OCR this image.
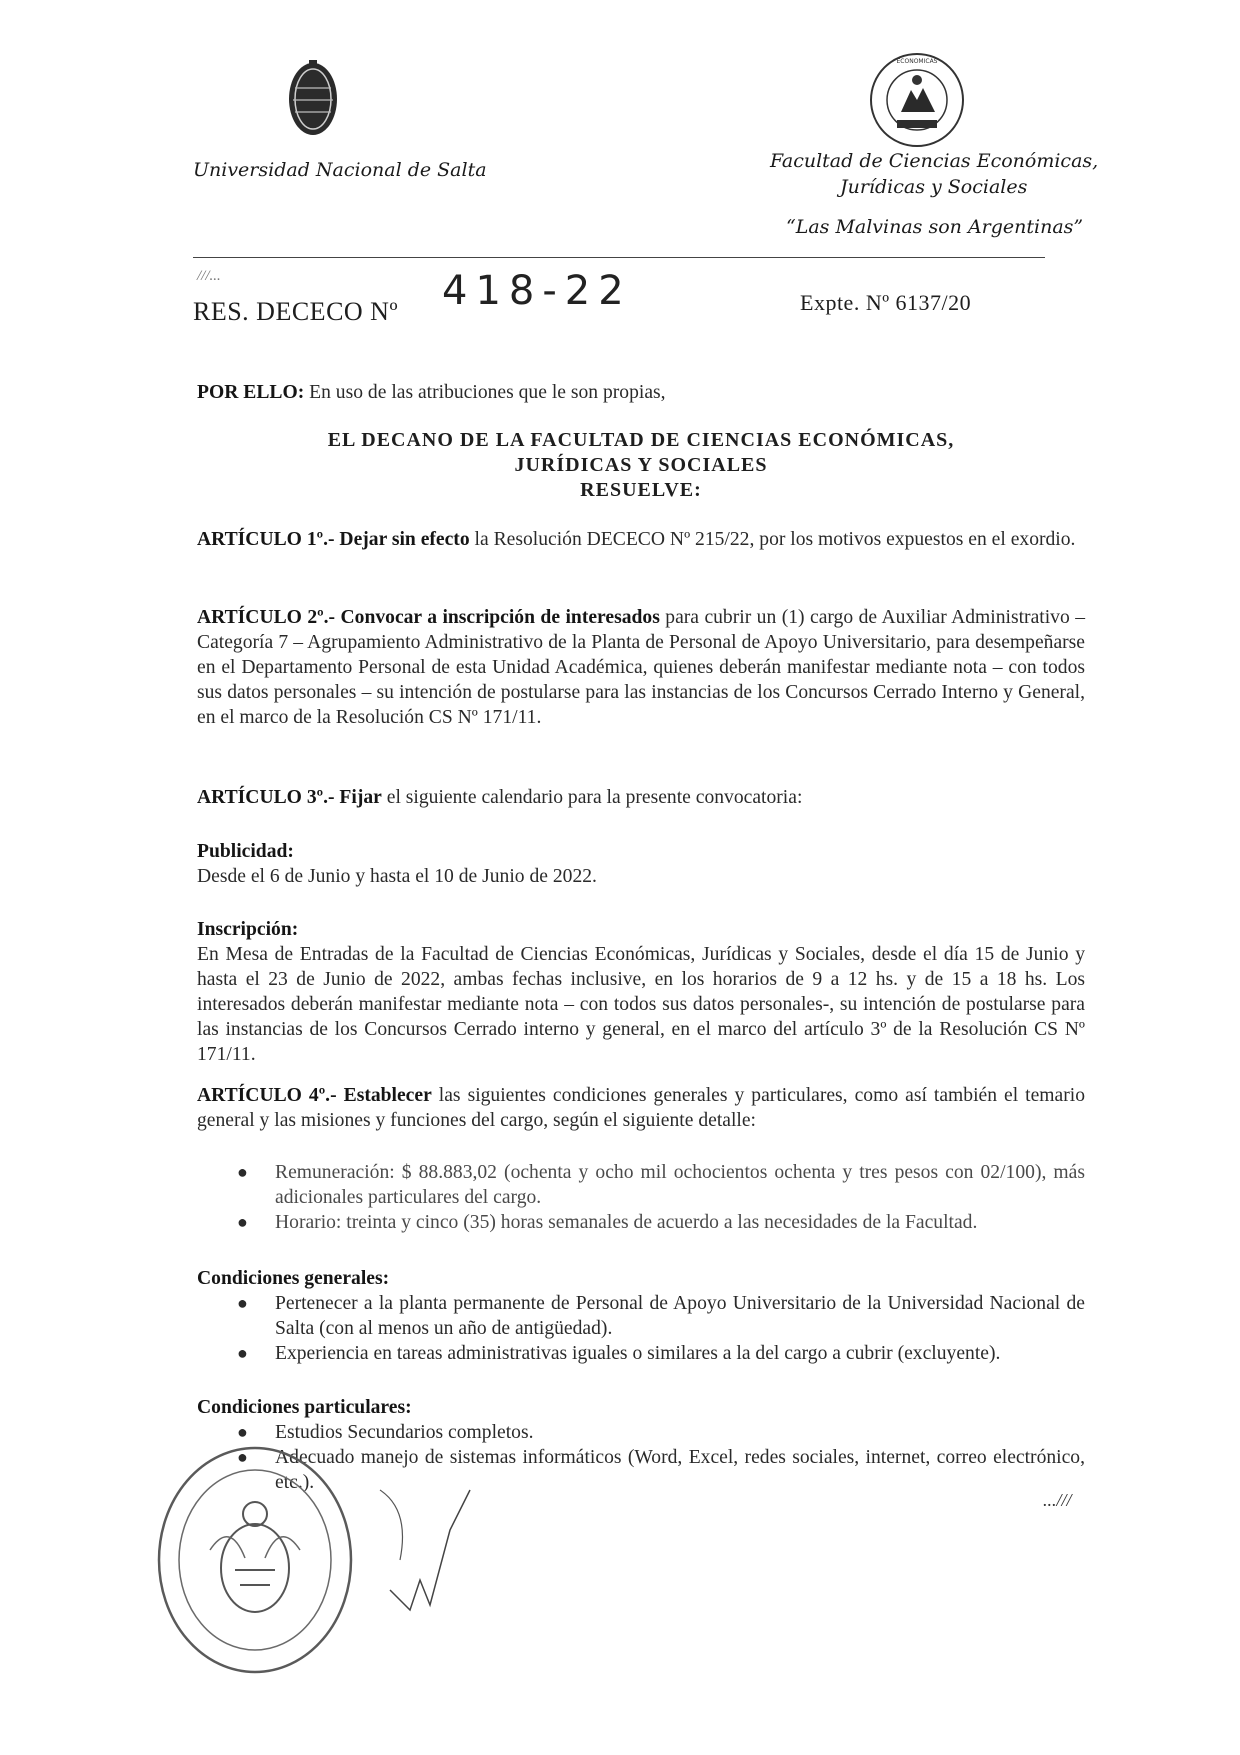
ECONOMICAS
Universidad Nacional de Salta	Facultad de Ciencias Económicas,
Jurídicas y Sociales
“Las Malvinas son Argentinas”
///...
RES. DECECO Nº 418-22	Expte. Nº 6137/20
POR ELLO: En uso de las atribuciones que le son propias,
EL DECANO DE LA FACULTAD DE CIENCIAS ECONÓMICAS,
JURÍDICAS Y SOCIALES
RESUELVE:
ARTÍCULO 1º.- Dejar sin efecto la Resolución DECECO Nº 215/22, por los motivos expuestos en el exordio.
ARTÍCULO 2º.- Convocar a inscripción de interesados para cubrir un (1) cargo de Auxiliar Administrativo – Categoría 7 – Agrupamiento Administrativo de la Planta de Personal de Apoyo Universitario, para desempeñarse en el Departamento Personal de esta Unidad Académica, quienes deberán manifestar mediante nota – con todos sus datos personales – su intención de postularse para las instancias de los Concursos Cerrado Interno y General, en el marco de la Resolución CS Nº 171/11.
ARTÍCULO 3º.- Fijar el siguiente calendario para la presente convocatoria:
Publicidad:
Desde el 6 de Junio y hasta el 10 de Junio de 2022.
Inscripción:
En Mesa de Entradas de la Facultad de Ciencias Económicas, Jurídicas y Sociales, desde el día 15 de Junio y hasta el 23 de Junio de 2022, ambas fechas inclusive, en los horarios de 9 a 12 hs. y de 15 a 18 hs. Los interesados deberán manifestar mediante nota – con todos sus datos personales-, su intención de postularse para las instancias de los Concursos Cerrado interno y general, en el marco del artículo 3º de la Resolución CS Nº 171/11.
ARTÍCULO 4º.- Establecer las siguientes condiciones generales y particulares, como así también el temario general y las misiones y funciones del cargo, según el siguiente detalle:
● Remuneración: $ 88.883,02 (ochenta y ocho mil ochocientos ochenta y tres pesos con 02/100), más adicionales particulares del cargo.
● Horario: treinta y cinco (35) horas semanales de acuerdo a las necesidades de la Facultad.
Condiciones generales:
● Pertenecer a la planta permanente de Personal de Apoyo Universitario de la Universidad Nacional de Salta (con al menos un año de antigüedad).
● Experiencia en tareas administrativas iguales o similares a la del cargo a cubrir (excluyente).
Condiciones particulares:
● Estudios Secundarios completos.
● Adecuado manejo de sistemas informáticos (Word, Excel, redes sociales, internet, correo electrónico, etc.).
...///
